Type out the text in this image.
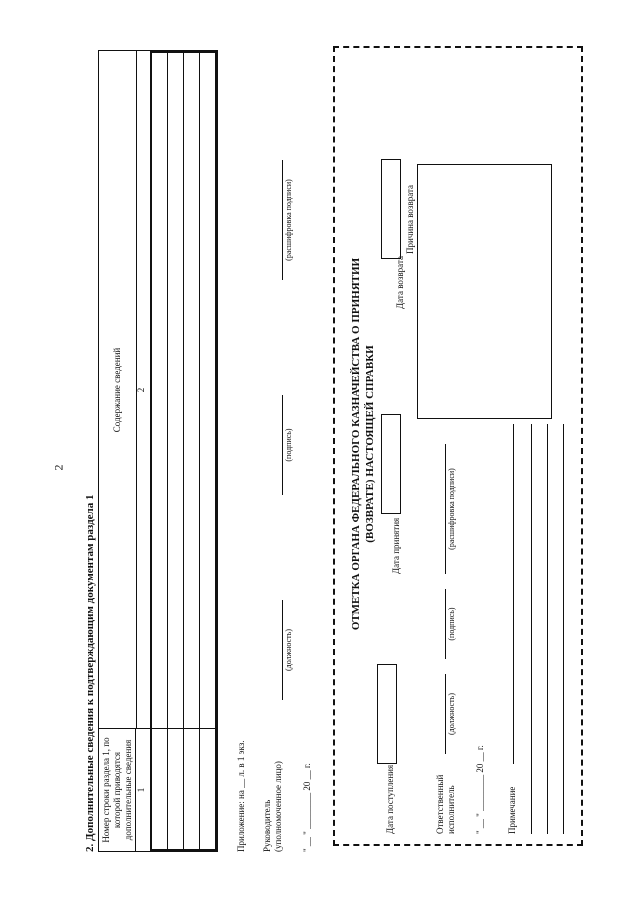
2
2. Дополнительные сведения к подтверждающим документам раздела 1 Номер строки раздела 1, по которой приводятся дополнительные сведения
Содержание сведений
1
2
Приложение: на __ л. в 1 экз. Руководитель (уполномоченное лицо)
(должность)
(подпись)
(расшифровка подписи)
" __ " ________ 20 __ г.
ОТМЕТКА ОРГАНА ФЕДЕРАЛЬНОГО КАЗНАЧЕЙСТВА О ПРИНЯТИИ (ВОЗВРАТЕ) НАСТОЯЩЕЙ СПРАВКИ
Дата поступления
Дата принятия
Дата возврата
Причина возврата
Ответственный исполнитель
(должность)
(подпись)
(расшифровка подписи)
" __ " ________ 20 __ г. Примечание
